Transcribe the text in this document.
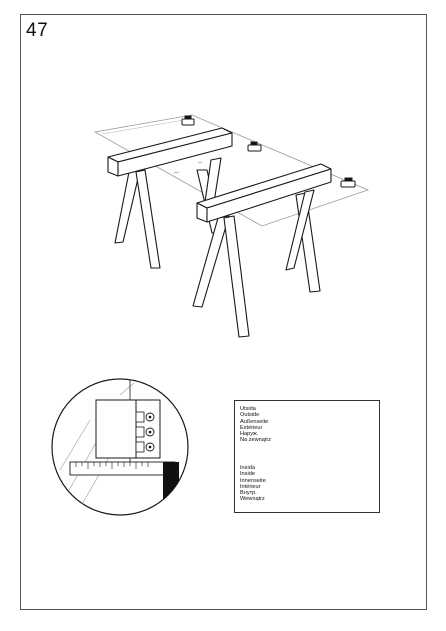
47
Utsida
Outside
Außenseite
Extérieur
Наруж.
Na zewnątrz
Insida
Inside
Innenseite
Intérieur
Внутр.
Wewnątrz
